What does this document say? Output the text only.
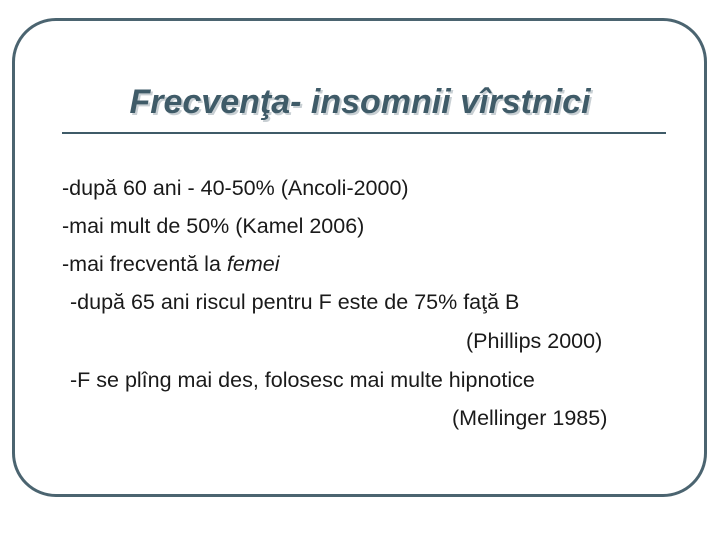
Frecvenţa- insomnii vîrstnici
-după 60 ani - 40-50% (Ancoli-2000)
-mai mult de 50% (Kamel 2006)
-mai frecventă la femei
-după 65 ani riscul pentru F este de 75% faţă B
(Phillips 2000)
-F se plîng mai des, folosesc mai multe hipnotice
(Mellinger 1985)
